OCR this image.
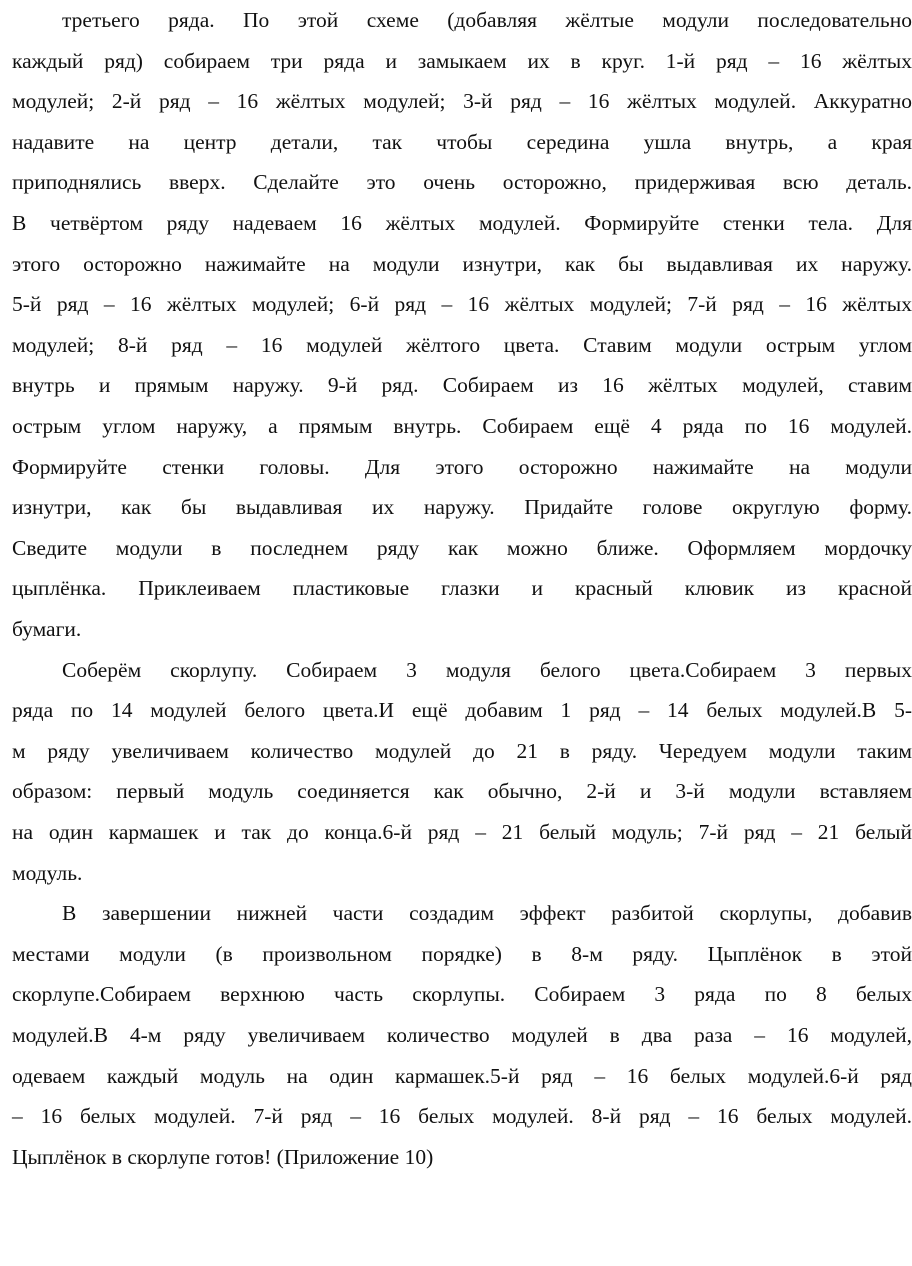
третьего ряда. По этой схеме (добавляя жёлтые модули последовательно
каждый ряд) собираем три ряда и замыкаем их в круг. 1-й ряд – 16 жёлтых
модулей; 2-й ряд – 16 жёлтых модулей; 3-й ряд – 16 жёлтых модулей. Аккуратно
надавите на центр детали, так чтобы середина ушла внутрь, а края
приподнялись вверх. Сделайте это очень осторожно, придерживая всю деталь.
В четвёртом ряду надеваем 16 жёлтых модулей. Формируйте стенки тела. Для
этого осторожно нажимайте на модули изнутри, как бы выдавливая их наружу.
5-й ряд – 16 жёлтых модулей; 6-й ряд – 16 жёлтых модулей; 7-й ряд – 16 жёлтых
модулей; 8-й ряд – 16 модулей жёлтого цвета. Ставим модули острым углом
внутрь и прямым наружу. 9-й ряд. Собираем из 16 жёлтых модулей, ставим
острым углом наружу, а прямым внутрь. Собираем ещё 4 ряда по 16 модулей.
Формируйте стенки головы. Для этого осторожно нажимайте на модули
изнутри, как бы выдавливая их наружу. Придайте голове округлую форму.
Сведите модули в последнем ряду как можно ближе. Оформляем мордочку
цыплёнка. Приклеиваем пластиковые глазки и красный клювик из красной
бумаги.
Соберём скорлупу. Собираем 3 модуля белого цвета.Собираем 3 первых
ряда по 14 модулей белого цвета.И ещё добавим 1 ряд – 14 белых модулей.В 5-
м ряду увеличиваем количество модулей до 21 в ряду. Чередуем модули таким
образом: первый модуль соединяется как обычно, 2-й и 3-й модули вставляем
на один кармашек и так до конца.6-й ряд – 21 белый модуль; 7-й ряд – 21 белый
модуль.
В завершении нижней части создадим эффект разбитой скорлупы, добавив
местами модули (в произвольном порядке) в 8-м ряду. Цыплёнок в этой
скорлупе.Собираем верхнюю часть скорлупы. Собираем 3 ряда по 8 белых
модулей.В 4-м ряду увеличиваем количество модулей в два раза – 16 модулей,
одеваем каждый модуль на один кармашек.5-й ряд – 16 белых модулей.6-й ряд
– 16 белых модулей. 7-й ряд – 16 белых модулей. 8-й ряд – 16 белых модулей.
Цыплёнок в скорлупе готов! (Приложение 10)
